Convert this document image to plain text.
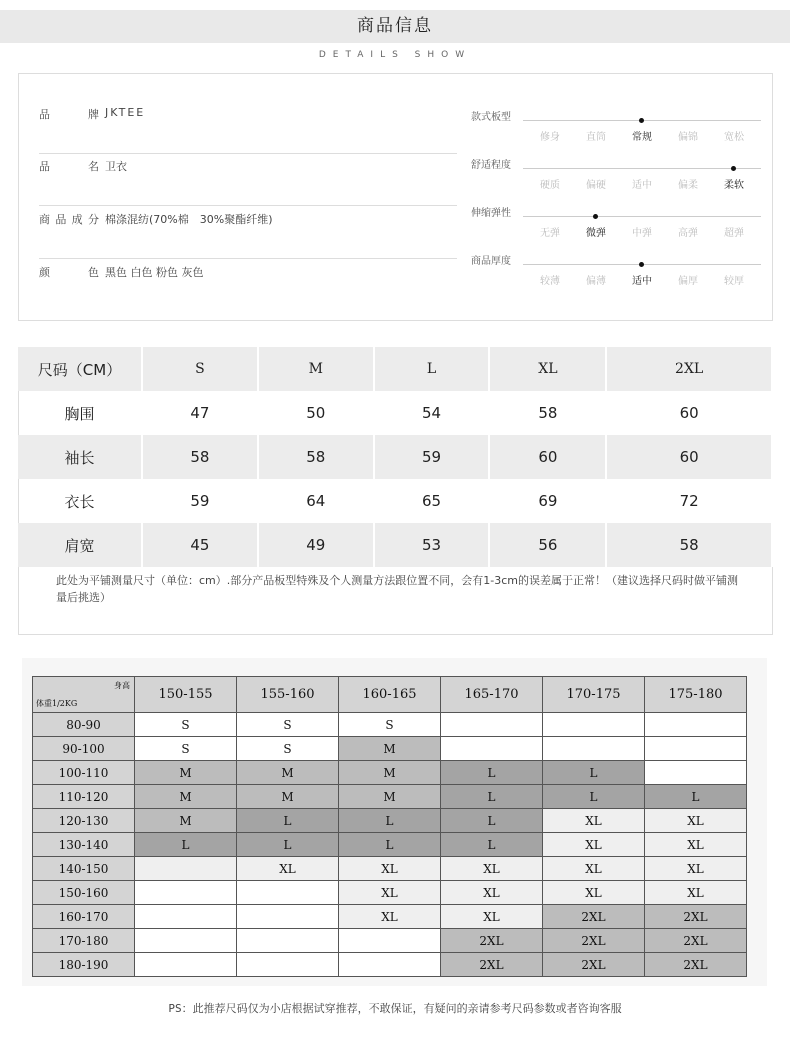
商品信息
DETAILS SHOW
品牌 JKTEE
品名 卫衣
商品成分 棉涤混纺(70%棉　30%聚酯纤维)
颜色 黑色 白色 粉色 灰色
款式板型
修身	直筒	常规	偏锦	宽松
舒适程度
硬质	偏硬	适中	偏柔	柔软
伸缩弹性
无弹	微弹	中弹	高弹	超弹
商品厚度
较薄	偏薄	适中	偏厚	较厚
尺码（CM）	S	M	L	XL	2XL
胸围	47	50	54	58	60
袖长	58	58	59	60	60
衣长	59	64	65	69	72
肩宽	45	49	53	56	58
此处为平铺测量尺寸（单位：cm）.部分产品板型特殊及个人测量方法跟位置不同，会有1-3cm的误差属于正常！（建议选择尺码时做平铺测量后挑选）
身高
体重1/2KG	150-155	155-160	160-165	165-170	170-175	175-180
80-90	S	S	S			
90-100	S	S	M			
100-110	M	M	M	L	L	
110-120	M	M	M	L	L	L
120-130	M	L	L	L	XL	XL
130-140	L	L	L	L	XL	XL
140-150		XL	XL	XL	XL	XL
150-160			XL	XL	XL	XL
160-170			XL	XL	2XL	2XL
170-180				2XL	2XL	2XL
180-190				2XL	2XL	2XL
PS：此推荐尺码仅为小店根据试穿推荐，不敢保证，有疑问的亲请参考尺码参数或者咨询客服
